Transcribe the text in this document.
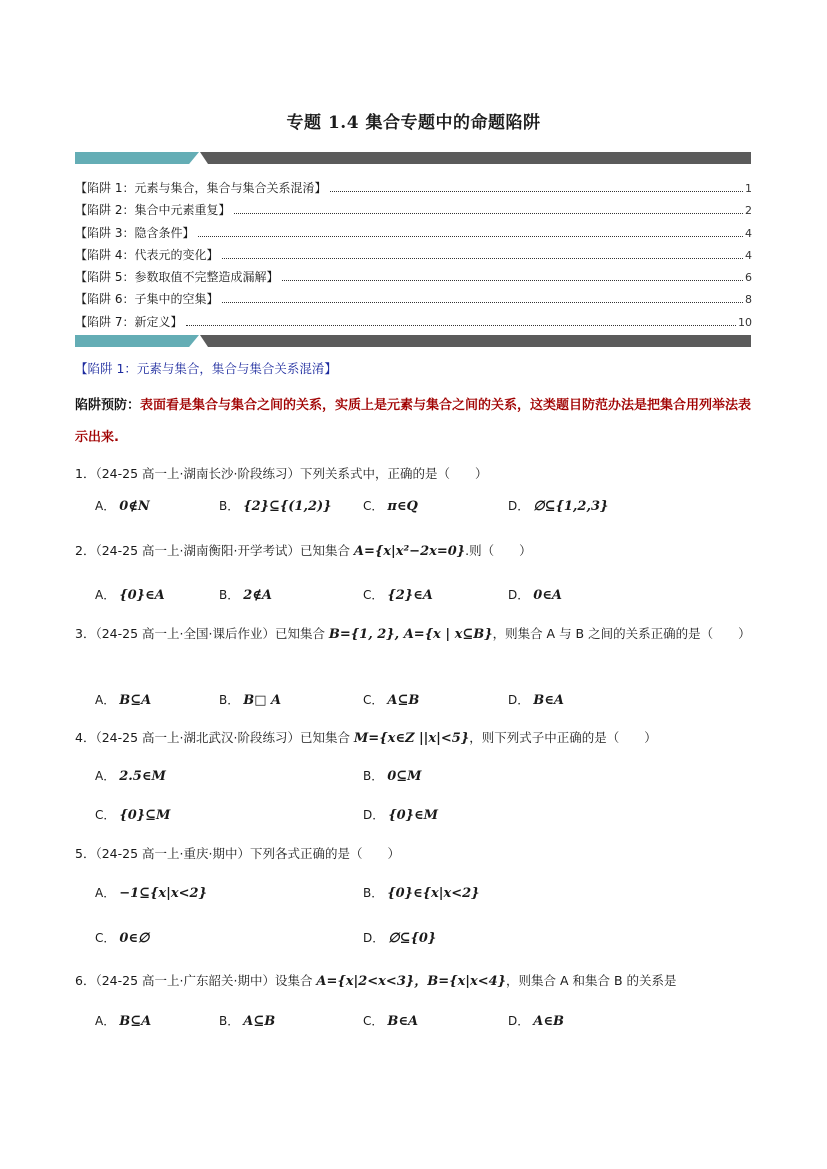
专题 1.4 集合专题中的命题陷阱
【陷阱 1：元素与集合，集合与集合关系混淆】	1
【陷阱 2：集合中元素重复】	2
【陷阱 3：隐含条件】	4
【陷阱 4：代表元的变化】	4
【陷阱 5：参数取值不完整造成漏解】	6
【陷阱 6：子集中的空集】	8
【陷阱 7：新定义】	10
【陷阱 1：元素与集合，集合与集合关系混淆】
陷阱预防：表面看是集合与集合之间的关系，实质上是元素与集合之间的关系，这类题目防范办法是把集合用列举法表示出来.
1．（24-25 高一上·湖南长沙·阶段练习）下列关系式中，正确的是（　　）
A． 0∉N	B． {2}⊆{(1,2)}	C． π∈Q	D． ∅⊆{1,2,3}
2．（24-25 高一上·湖南衡阳·开学考试）已知集合 A={x|x²−2x=0}.则（　　）
A． {0}∈A	B． 2∉A	C． {2}∈A	D． 0∈A
3．（24-25 高一上·全国·课后作业）已知集合 B={1, 2}, A={x | x⊆B}，则集合 A 与 B 之间的关系正确的是（　　）
A． B⊆A	B． B□ A	C． A⊆B	D． B∈A
4．（24-25 高一上·湖北武汉·阶段练习）已知集合 M={x∈Z ||x|<5}，则下列式子中正确的是（　　）
A． 2.5∈M	B． 0⊆M
C． {0}⊆M	D． {0}∈M
5．（24-25 高一上·重庆·期中）下列各式正确的是（　　）
A． −1⊆{x|x<2}	B． {0}∈{x|x<2}
C． 0∈∅	D． ∅⊆{0}
6．（24-25 高一上·广东韶关·期中）设集合 A={x|2<x<3}，B={x|x<4}，则集合 A 和集合 B 的关系是
A． B⊆A	B． A⊆B	C． B∈A	D． A∈B
